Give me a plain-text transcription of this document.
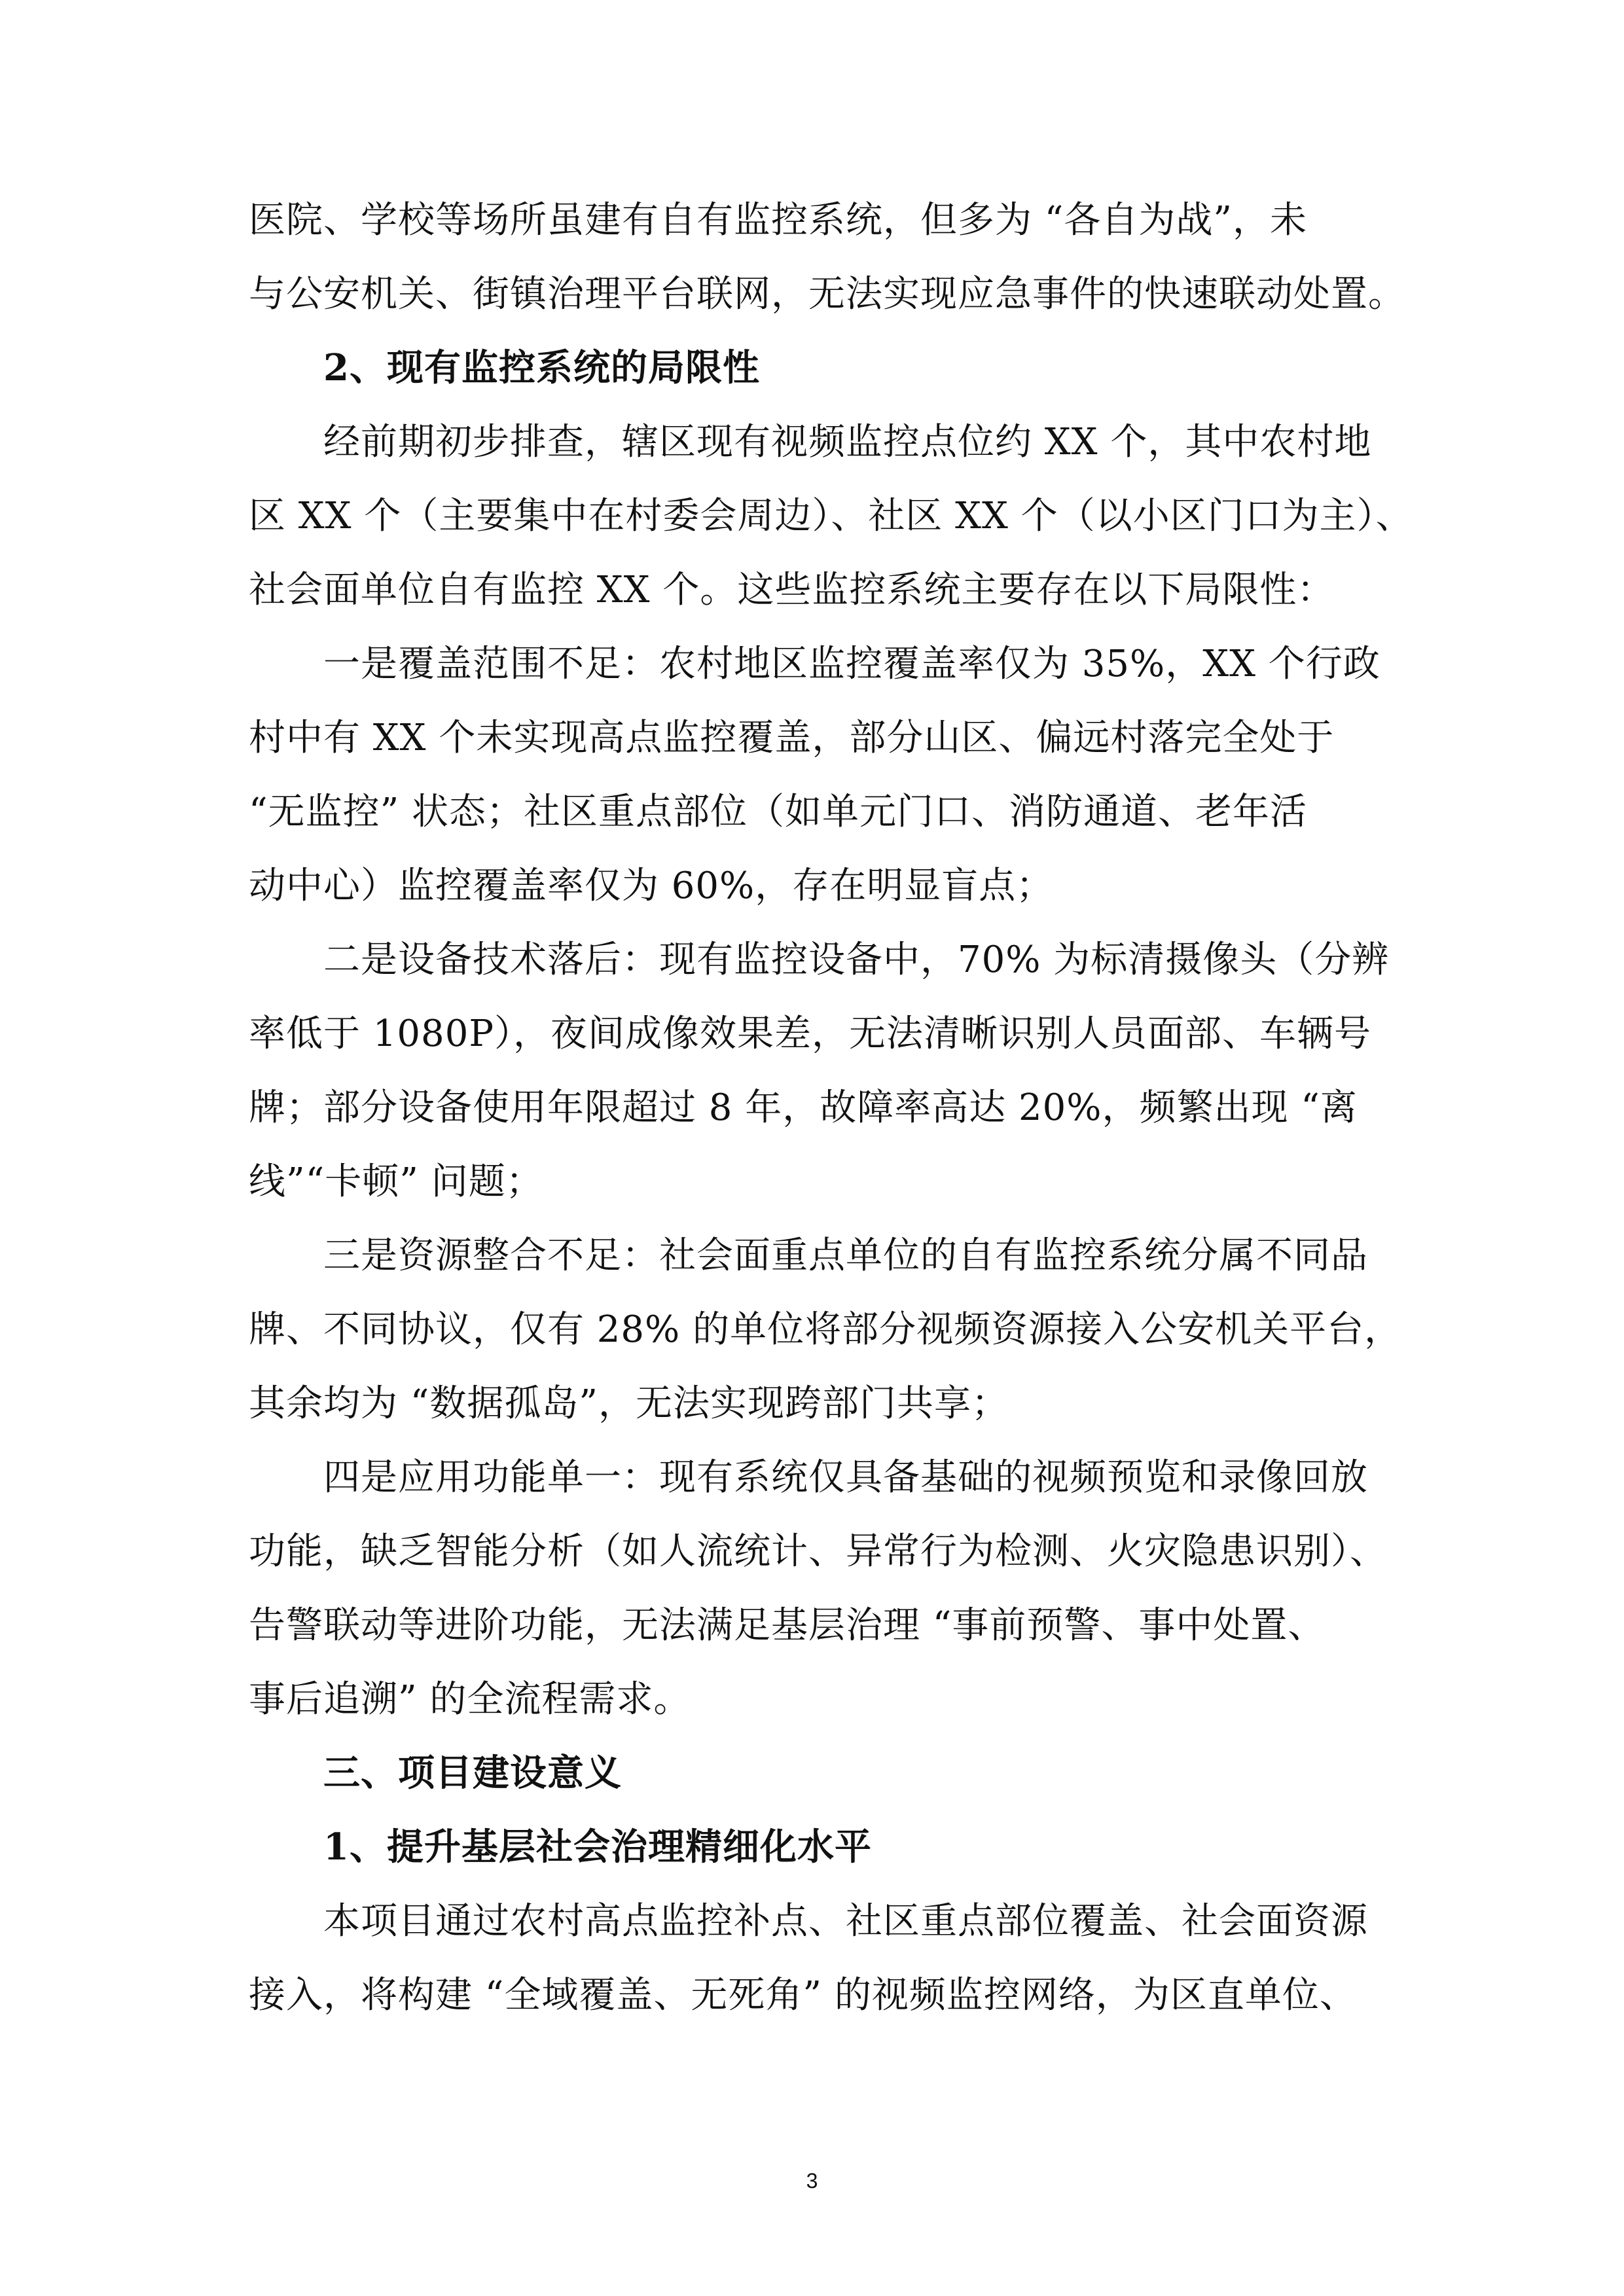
医院、学校等场所虽建有自有监控系统，但多为 “各自为战”，未
与公安机关、街镇治理平台联网，无法实现应急事件的快速联动处置。
2、现有监控系统的局限性
经前期初步排查，辖区现有视频监控点位约 XX 个，其中农村地
区 XX 个（主要集中在村委会周边）、社区 XX 个（以小区门口为主）、
社会面单位自有监控 XX 个。这些监控系统主要存在以下局限性：
一是覆盖范围不足：农村地区监控覆盖率仅为 35%，XX 个行政
村中有 XX 个未实现高点监控覆盖，部分山区、偏远村落完全处于
“无监控” 状态；社区重点部位（如单元门口、消防通道、老年活
动中心）监控覆盖率仅为 60%，存在明显盲点；
二是设备技术落后：现有监控设备中，70% 为标清摄像头（分辨
率低于 1080P），夜间成像效果差，无法清晰识别人员面部、车辆号
牌；部分设备使用年限超过 8 年，故障率高达 20%，频繁出现 “离
线”“卡顿” 问题；
三是资源整合不足：社会面重点单位的自有监控系统分属不同品
牌、不同协议，仅有 28% 的单位将部分视频资源接入公安机关平台，
其余均为 “数据孤岛”，无法实现跨部门共享；
四是应用功能单一：现有系统仅具备基础的视频预览和录像回放
功能，缺乏智能分析（如人流统计、异常行为检测、火灾隐患识别）、
告警联动等进阶功能，无法满足基层治理 “事前预警、事中处置、
事后追溯” 的全流程需求。
三、项目建设意义
1、提升基层社会治理精细化水平
本项目通过农村高点监控补点、社区重点部位覆盖、社会面资源
接入，将构建 “全域覆盖、无死角” 的视频监控网络，为区直单位、
3
